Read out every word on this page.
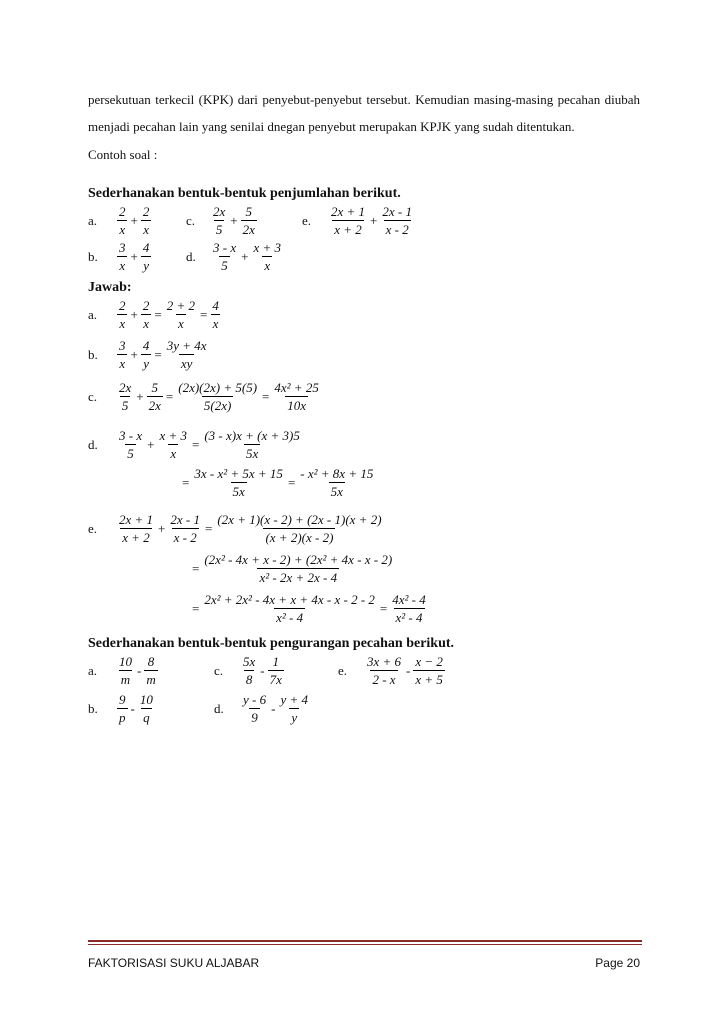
persekutuan terkecil (KPK) dari penyebut-penyebut tersebut. Kemudian masing-masing pecahan diubah menjadi pecahan lain yang senilai dnegan penyebut merupakan KPJK yang sudah ditentukan.

Contoh soal :

Sederhanakan bentuk-bentuk penjumlahan berikut.
a.	$\frac{2}{x} + \frac{2}{x}$	c.	$\frac{2x}{5} + \frac{5}{2x}$	e.	$\frac{2x + 1}{x + 2} + \frac{2x - 1}{x - 2}$
b.	$\frac{3}{x} + \frac{4}{y}$	d.	$\frac{3 - x}{5} + \frac{x + 3}{x}$
Jawab:
a.	$\frac{2}{x} + \frac{2}{x} = \frac{2 + 2}{x} = \frac{4}{x}$
b.	$\frac{3}{x} + \frac{4}{y} = \frac{3y + 4x}{xy}$
c.	$\frac{2x}{5} + \frac{5}{2x} = \frac{(2x)(2x) + 5(5)}{5(2x)} = \frac{\text{4x² + 25}}{10x}$
d.	$\frac{3 - x}{5} + \frac{x + 3}{x} = \frac{(3 - x)x + (x + 3)5}{5x}$
= $\frac{\text{3x - x² + 5x + 15}}{5x} = \frac{\text{- x² + 8x + 15}}{5x}$
e.	$\frac{2x + 1}{x + 2} + \frac{2x - 1}{x - 2} = \frac{(2x + 1)(x - 2) + (2x - 1)(x + 2)}{(x + 2)(x - 2)}$
= $\frac{\text{(2x² - 4x + x - 2) + (2x² + 4x - x - 2)}}{\text{x² - 2x + 2x - 4}}$
= $\frac{\text{2x² + 2x² - 4x + x + 4x - x - 2 - 2}}{\text{x² - 4}} = \frac{\text{4x² - 4}}{\text{x² - 4}}$
Sederhanakan bentuk-bentuk pengurangan pecahan berikut.
a.	$\frac{10}{m} - \frac{8}{m}$	c.	$\frac{5x}{8} - \frac{1}{7x}$	e.	$\frac{3x + 6}{2 - x} - \frac{x - 2}{x + 5}$
b.	$\frac{9}{p} - \frac{10}{q}$	d.	$\frac{y - 6}{9} - \frac{y + 4}{y}$
FAKTORISASI SUKU ALJABAR	Page 20
